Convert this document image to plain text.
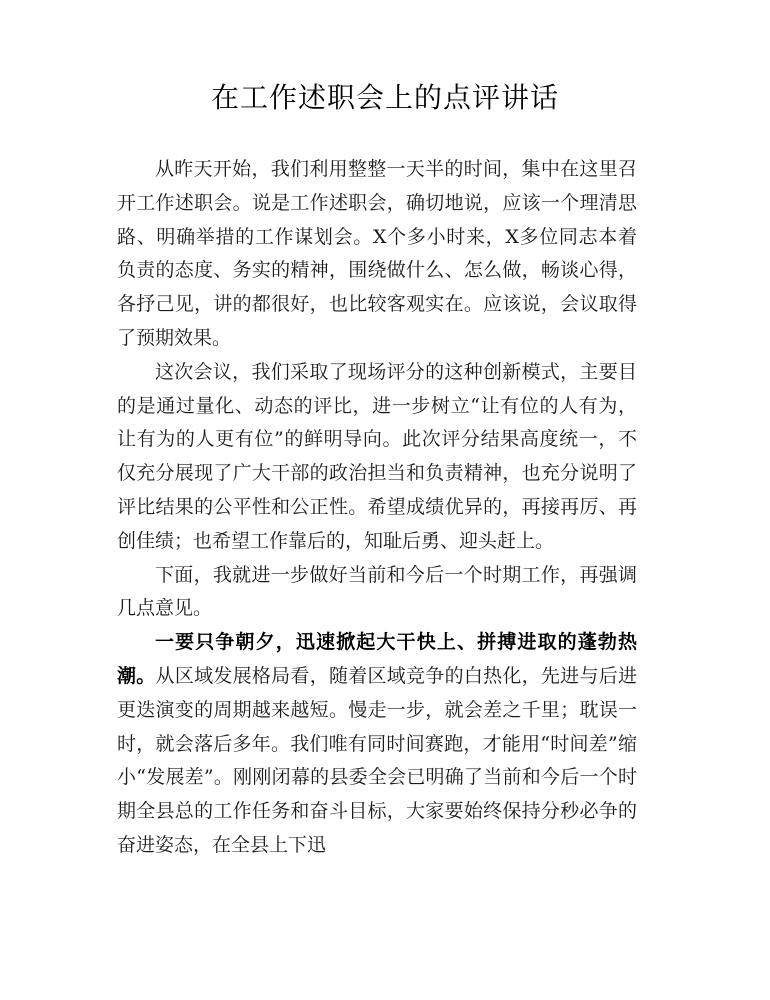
在工作述职会上的点评讲话

从昨天开始，我们利用整整一天半的时间，集中在这里召开工作述职会。说是工作述职会，确切地说，应该一个理清思路、明确举措的工作谋划会。X个多小时来，X多位同志本着负责的态度、务实的精神，围绕做什么、怎么做，畅谈心得，各抒己见，讲的都很好，也比较客观实在。应该说，会议取得了预期效果。

这次会议，我们采取了现场评分的这种创新模式，主要目的是通过量化、动态的评比，进一步树立“让有位的人有为，让有为的人更有位”的鲜明导向。此次评分结果高度统一，不仅充分展现了广大干部的政治担当和负责精神，也充分说明了评比结果的公平性和公正性。希望成绩优异的，再接再厉、再创佳绩；也希望工作靠后的，知耻后勇、迎头赶上。

下面，我就进一步做好当前和今后一个时期工作，再强调几点意见。

一要只争朝夕，迅速掀起大干快上、拼搏进取的蓬勃热潮。从区域发展格局看，随着区域竞争的白热化，先进与后进更迭演变的周期越来越短。慢走一步，就会差之千里；耽误一时，就会落后多年。我们唯有同时间赛跑，才能用“时间差”缩小“发展差”。刚刚闭幕的县委全会已明确了当前和今后一个时期全县总的工作任务和奋斗目标，大家要始终保持分秒必争的奋进姿态，在全县上下迅
